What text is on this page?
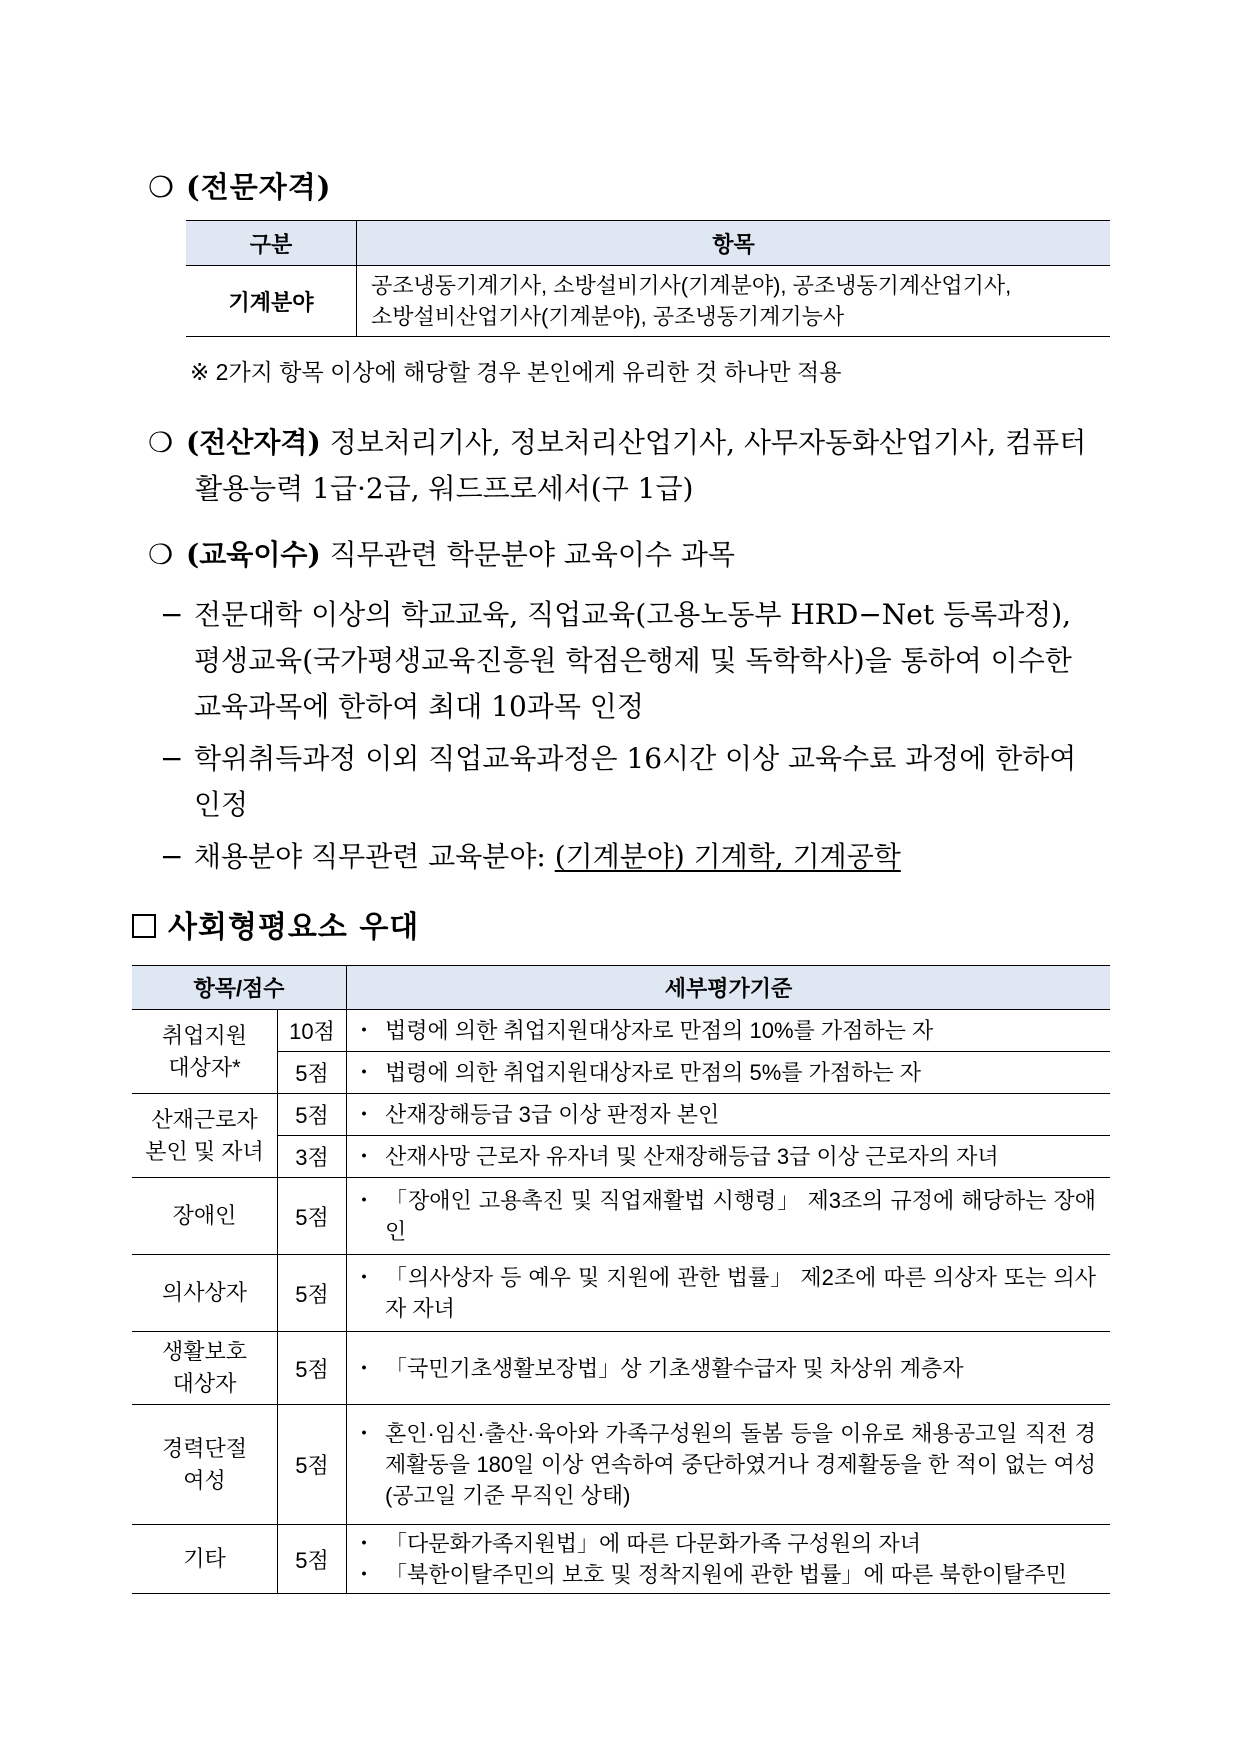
❍ (전문자격)
구분	항목
기계분야	공조냉동기계기사, 소방설비기사(기계분야), 공조냉동기계산업기사,
소방설비산업기사(기계분야), 공조냉동기계기능사
※ 2가지 항목 이상에 해당할 경우 본인에게 유리한 것 하나만 적용
❍ (전산자격) 정보처리기사, 정보처리산업기사, 사무자동화산업기사, 컴퓨터
활용능력 1급·2급, 워드프로세서(구 1급)
❍ (교육이수) 직무관련 학문분야 교육이수 과목
− 전문대학 이상의 학교교육, 직업교육(고용노동부 HRD−Net 등록과정),
평생교육(국가평생교육진흥원 학점은행제 및 독학학사)을 통하여 이수한
교육과목에 한하여 최대 10과목 인정
− 학위취득과정 이외 직업교육과정은 16시간 이상 교육수료 과정에 한하여
인정
− 채용분야 직무관련 교육분야: (기계분야) 기계학, 기계공학
사회형평요소 우대
항목/점수		세부평가기준

취업지원
대상자*	10점	・ 법령에 의한 취업지원대상자로 만점의 10%를 가점하는 자

	5점	・ 법령에 의한 취업지원대상자로 만점의 5%를 가점하는 자

산재근로자
본인 및 자녀	5점	・ 산재장해등급 3급 이상 판정자 본인

	3점	・ 산재사망 근로자 유자녀 및 산재장해등급 3급 이상 근로자의 자녀

장애인	5점	・ 「장애인 고용촉진 및 직업재활법 시행령」 제3조의 규정에 해당하는 장애인

의사상자	5점	・ 「의사상자 등 예우 및 지원에 관한 법률」 제2조에 따른 의상자 또는 의사자 자녀

생활보호
대상자	5점	・ 「국민기초생활보장법」상 기초생활수급자 및 차상위 계층자

경력단절
여성	5점	・ 혼인·임신·출산·육아와 가족구성원의 돌봄 등을 이유로 채용공고일 직전 경제활동을 180일 이상 연속하여 중단하였거나 경제활동을 한 적이 없는 여성(공고일 기준 무직인 상태)

기타	5점	・ 「다문화가족지원법」에 따른 다문화가족 구성원의 자녀
・ 「북한이탈주민의 보호 및 정착지원에 관한 법률」에 따른 북한이탈주민
